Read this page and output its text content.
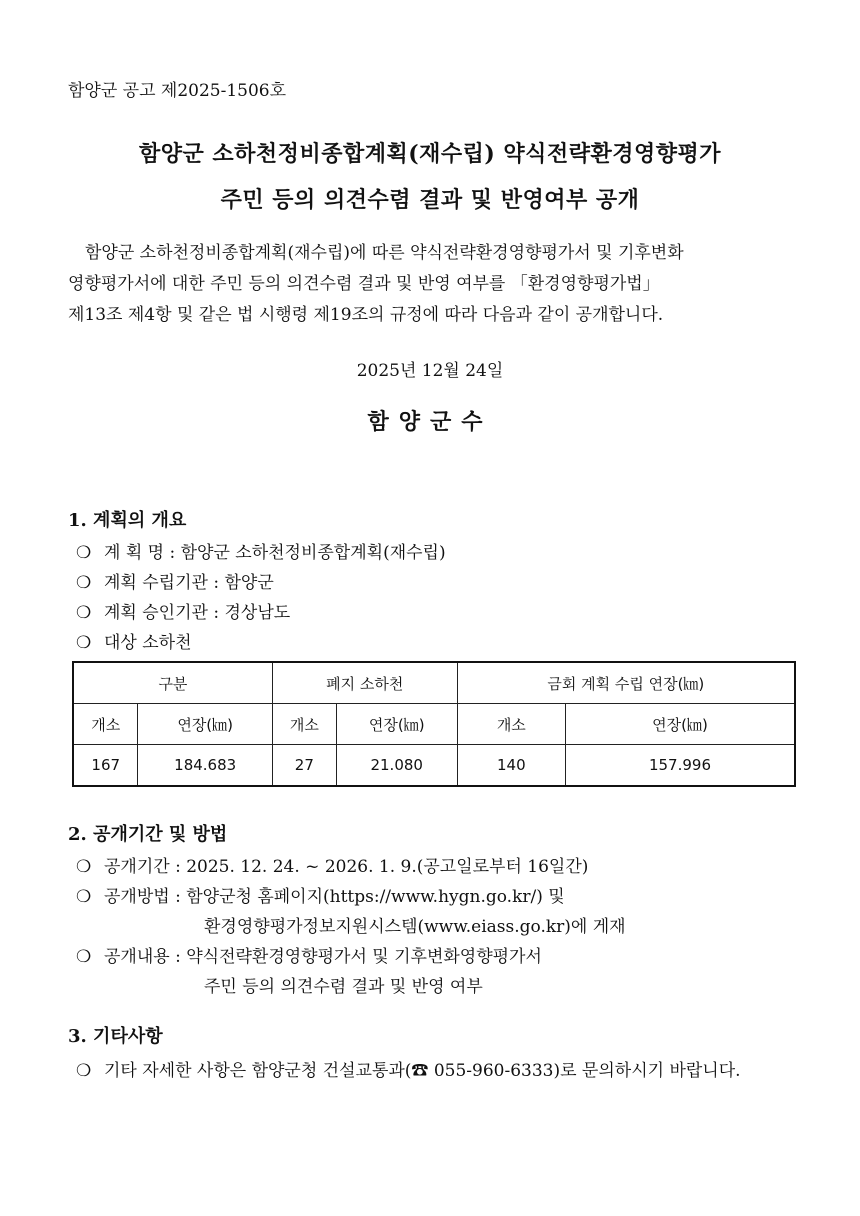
함양군 공고 제2025-1506호
함양군 소하천정비종합계획(재수립) 약식전략환경영향평가
주민 등의 의견수렴 결과 및 반영여부 공개
함양군 소하천정비종합계획(재수립)에 따른 약식전략환경영향평가서 및 기후변화
영향평가서에 대한 주민 등의 의견수렴 결과 및 반영 여부를 「환경영향평가법」
제13조 제4항 및 같은 법 시행령 제19조의 규정에 따라 다음과 같이 공개합니다.
2025년 12월 24일
함양군수
1. 계획의 개요
❍ 계 획 명 : 함양군 소하천정비종합계획(재수립)
❍ 계획 수립기관 : 함양군
❍ 계획 승인기관 : 경상남도
❍ 대상 소하천
구분		폐지 소하천		금회 계획 수립 연장(㎞)	
개소	연장(㎞)	개소	연장(㎞)	개소	연장(㎞)
167	184.683	27	21.080	140	157.996
2. 공개기간 및 방법
❍ 공개기간 : 2025. 12. 24. ~ 2026. 1. 9.(공고일로부터 16일간)
❍ 공개방법 : 함양군청 홈페이지(https://www.hygn.go.kr/) 및
환경영향평가정보지원시스템(www.eiass.go.kr)에 게재
❍ 공개내용 : 약식전략환경영향평가서 및 기후변화영향평가서
주민 등의 의견수렴 결과 및 반영 여부
3. 기타사항
❍ 기타 자세한 사항은 함양군청 건설교통과(☎ 055-960-6333)로 문의하시기 바랍니다.
